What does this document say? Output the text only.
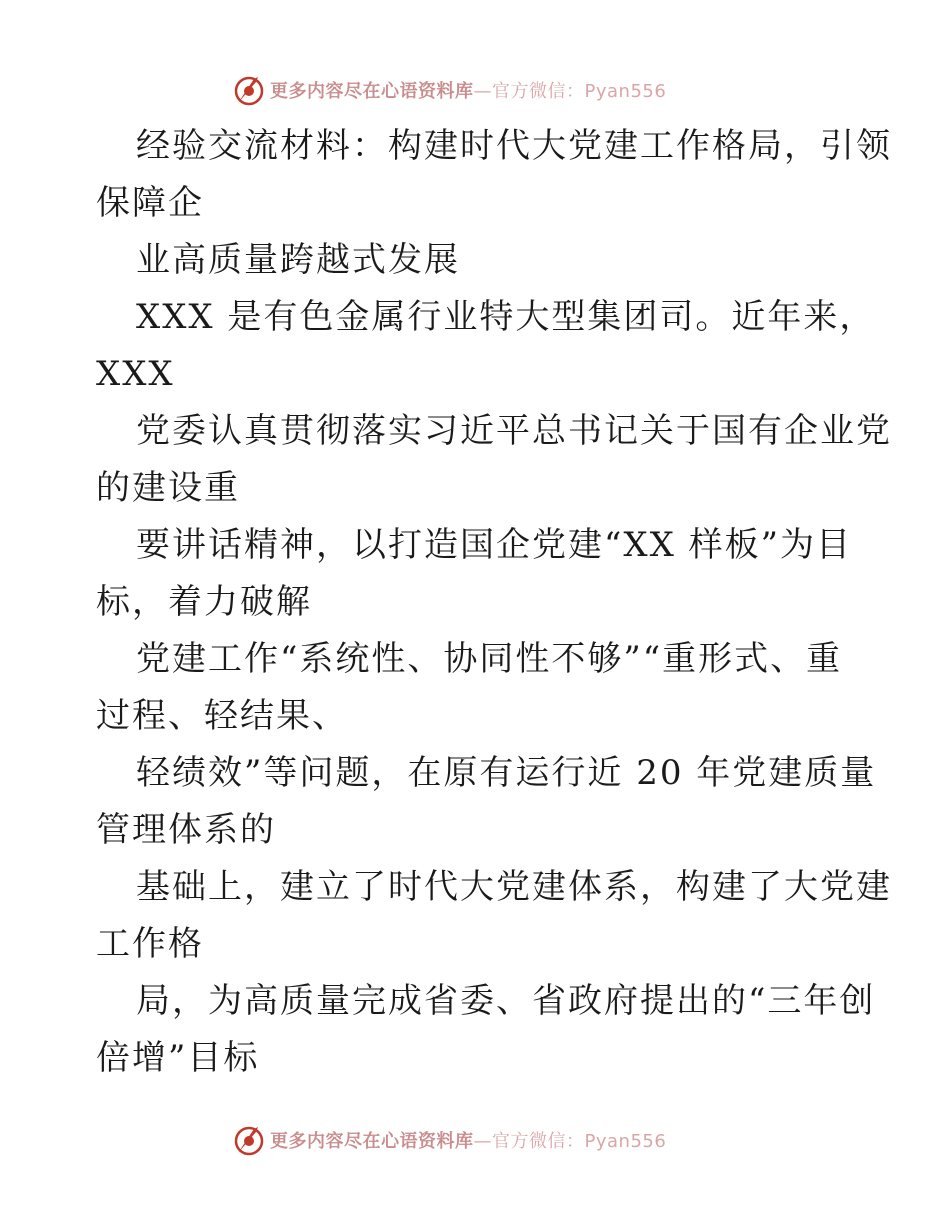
更多内容尽在心语资料库—官方微信：Pyan556
经验交流材料：构建时代大党建工作格局，引领
保障企
业高质量跨越式发展
XXX 是有色金属行业特大型集团司。近年来，
XXX
党委认真贯彻落实习近平总书记关于国有企业党
的建设重
要讲话精神，以打造国企党建“XX 样板”为目
标，着力破解
党建工作“系统性、协同性不够”“重形式、重
过程、轻结果、
轻绩效”等问题，在原有运行近 20 年党建质量
管理体系的
基础上，建立了时代大党建体系，构建了大党建
工作格
局，为高质量完成省委、省政府提出的“三年创
倍增”目标
更多内容尽在心语资料库—官方微信：Pyan556
